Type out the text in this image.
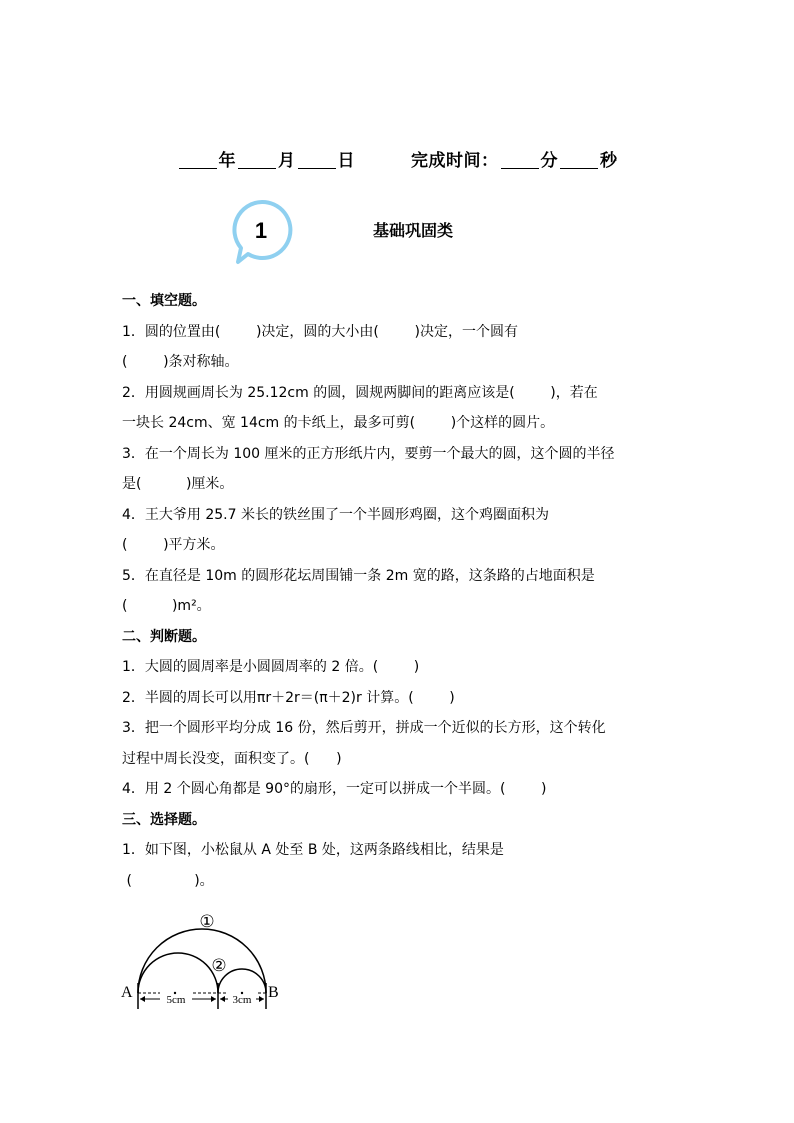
年 月 日	完成时间： 分 秒
1	基础巩固类
一、填空题。
1．圆的位置由(        )决定，圆的大小由(        )决定，一个圆有
(        )条对称轴。
2．用圆规画周长为 25.12cm 的圆，圆规两脚间的距离应该是(        )，若在
一块长 24cm、宽 14cm 的卡纸上，最多可剪(        )个这样的圆片。
3．在一个周长为 100 厘米的正方形纸片内，要剪一个最大的圆，这个圆的半径
是(          )厘米。
4．王大爷用 25.7 米长的铁丝围了一个半圆形鸡圈，这个鸡圈面积为
(        )平方米。
5．在直径是 10m 的圆形花坛周围铺一条 2m 宽的路，这条路的占地面积是
(          )m²。
二、判断题。
1．大圆的圆周率是小圆圆周率的 2 倍。(        )
2．半圆的周长可以用πr＋2r＝(π＋2)r 计算。(        )
3．把一个圆形平均分成 16 份，然后剪开，拼成一个近似的长方形，这个转化
过程中周长没变，面积变了。(      )
4．用 2 个圆心角都是 90°的扇形，一定可以拼成一个半圆。(        )
三、选择题。
1．如下图，小松鼠从 A 处至 B 处，这两条路线相比，结果是
(              )。
5cm	3cm
A	B
①
②
